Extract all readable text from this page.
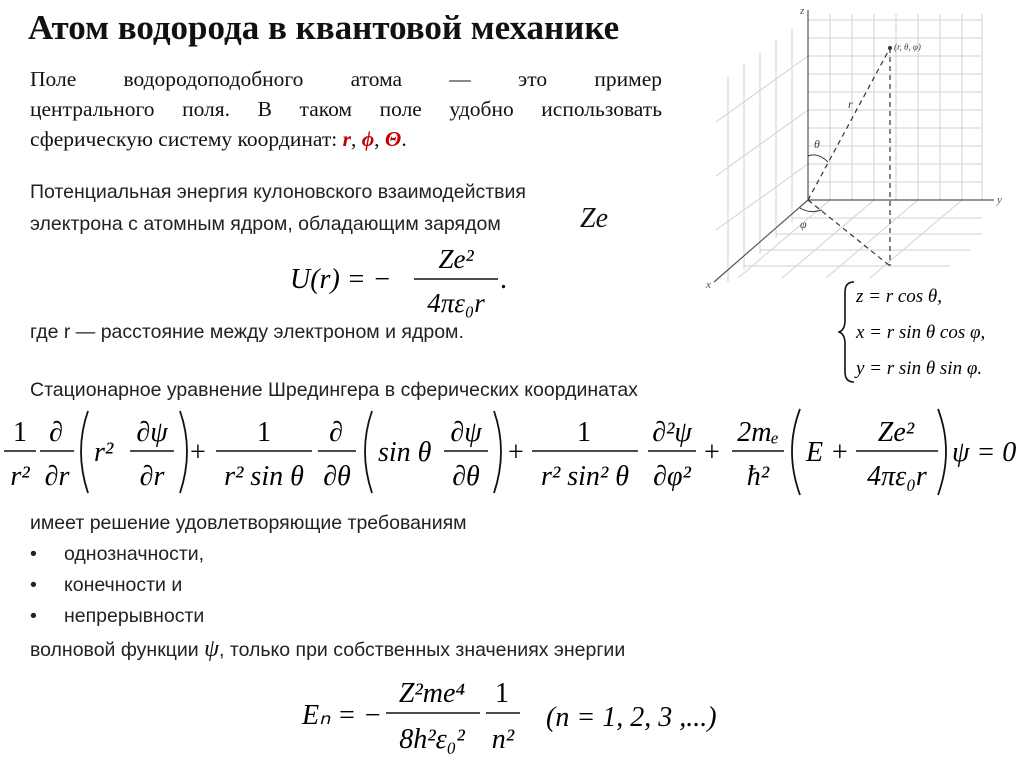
Атом водорода в квантовой механике
Поле водородоподобного атома — это пример
центрального поля. В таком поле удобно использовать
сферическую систему координат: r, ϕ, Θ.
Потенциальная энергия кулоновского взаимодействия
электрона с атомным ядром, обладающим зарядом	Ze
U(r) = −
Ze²
4πε₀r
.
где r — расстояние между электроном и ядром.
z
y
x
(r, θ, φ)
r
θ
φ
z = r cos θ,
x = r sin θ cos φ,
y = r sin θ sin φ.
Стационарное уравнение Шредингера в сферических координатах
1
r²
∂
∂r
r²
∂ψ
∂r
+
1
r² sin θ
∂
∂θ
sin θ
∂ψ
∂θ
+
1
r² sin² θ
∂²ψ
∂φ²
+
2mₑ
ħ²
E +
Ze²
4πε₀r
ψ = 0
имеет решение удовлетворяющие требованиям
• однозначности,
• конечности и
• непрерывности
волновой функции ψ, только при собственных значениях энергии
Eₙ = −
Z²me⁴
8h²ε₀²
1
n²
(n = 1, 2, 3 ,...)
